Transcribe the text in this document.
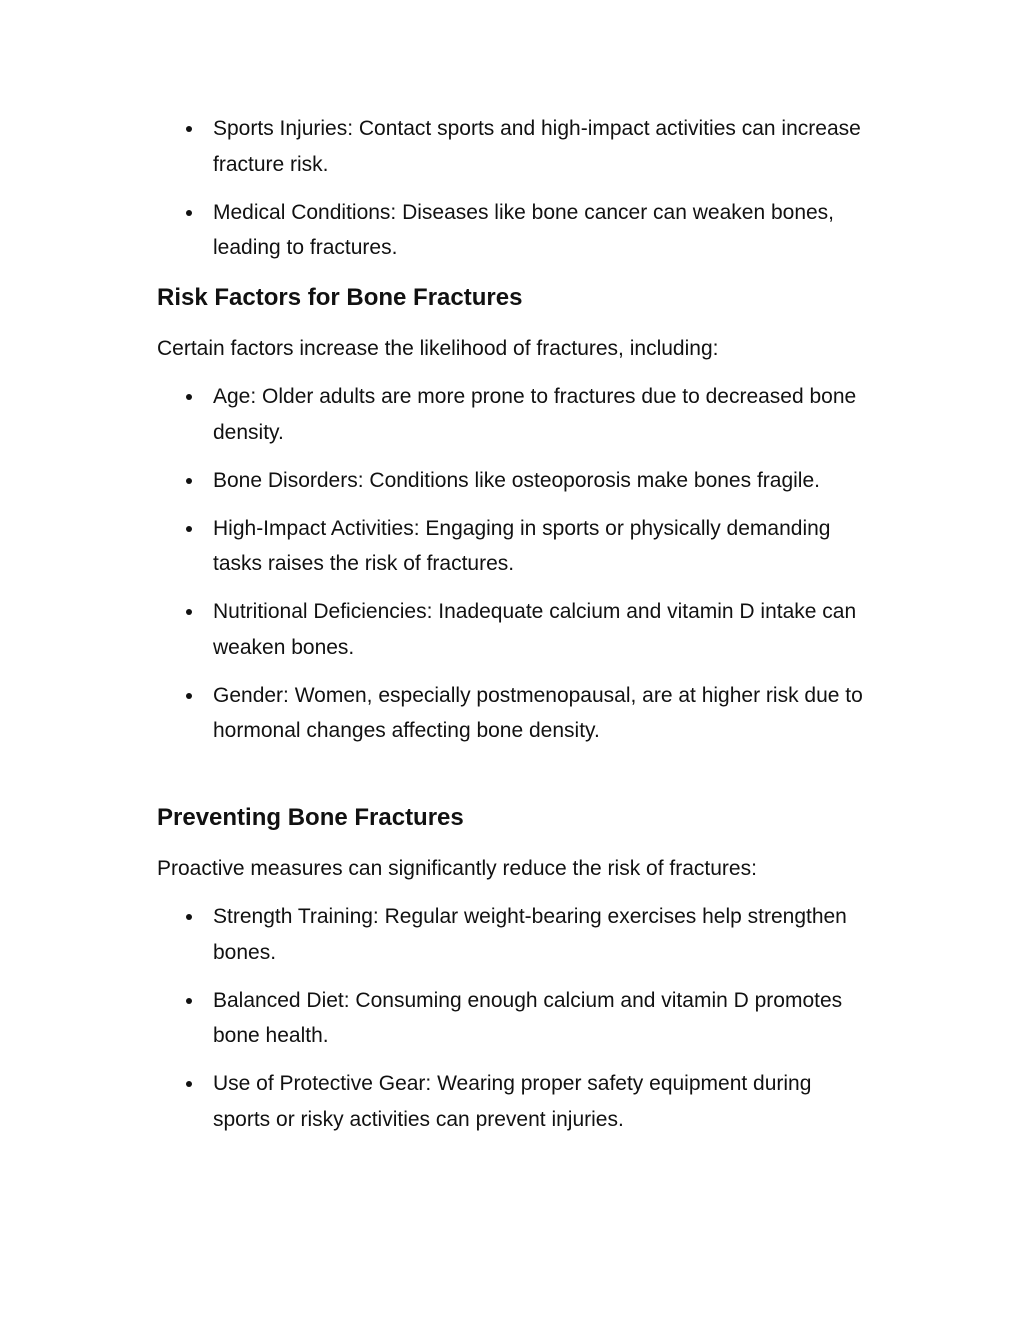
Sports Injuries: Contact sports and high-impact activities can increase fracture risk.
Medical Conditions: Diseases like bone cancer can weaken bones, leading to fractures.
Risk Factors for Bone Fractures

Certain factors increase the likelihood of fractures, including:

Age: Older adults are more prone to fractures due to decreased bone density.
Bone Disorders: Conditions like osteoporosis make bones fragile.
High-Impact Activities: Engaging in sports or physically demanding tasks raises the risk of fractures.
Nutritional Deficiencies: Inadequate calcium and vitamin D intake can weaken bones.
Gender: Women, especially postmenopausal, are at higher risk due to hormonal changes affecting bone density.
Preventing Bone Fractures

Proactive measures can significantly reduce the risk of fractures:

Strength Training: Regular weight-bearing exercises help strengthen bones.
Balanced Diet: Consuming enough calcium and vitamin D promotes bone health.
Use of Protective Gear: Wearing proper safety equipment during sports or risky activities can prevent injuries.
